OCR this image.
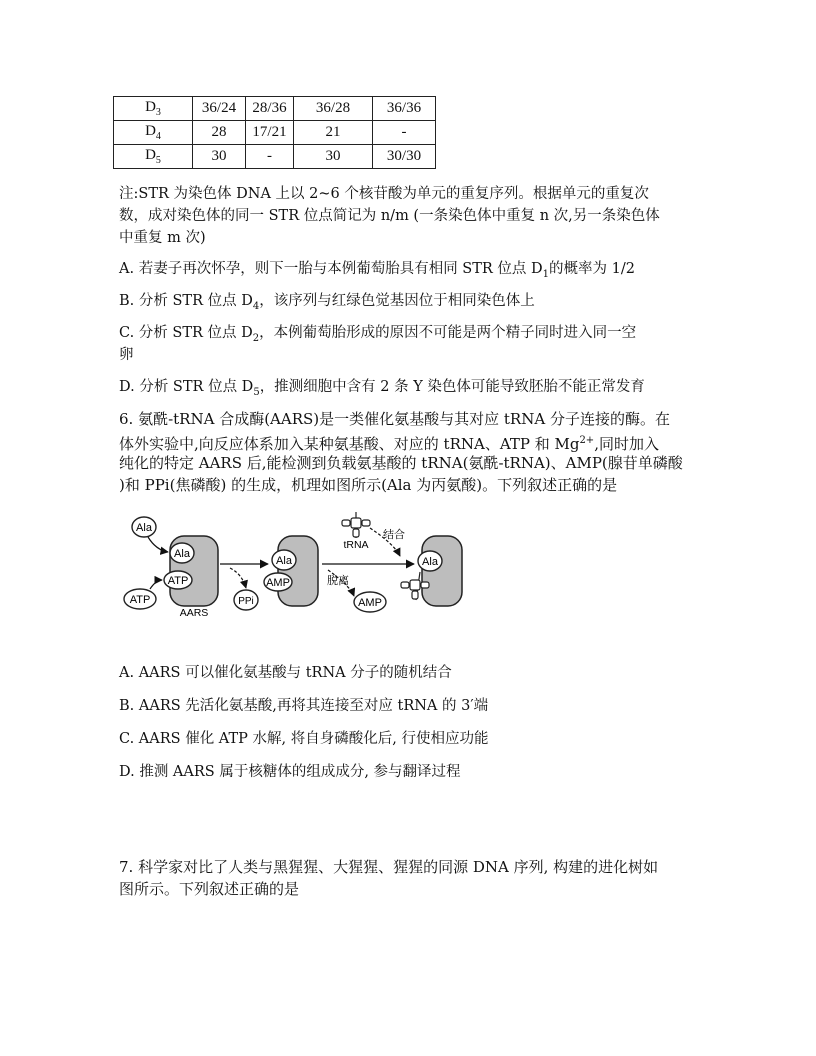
$D_3$	36/24	28/36	36/28	36/36
$D_4$	28	17/21	21	-
$D_5$	30	-	30	30/30
注:STR 为染色体 DNA 上以 2~6 个核苷酸为单元的重复序列。根据单元的重复次
数，成对染色体的同一 STR 位点简记为 n/m (一条染色体中重复 n 次,另一条染色体
中重复 m 次)
A. 若妻子再次怀孕，则下一胎与本例葡萄胎具有相同 STR 位点 $D_1$的概率为 1/2
B. 分析 STR 位点 $D_4$，该序列与红绿色觉基因位于相同染色体上
C. 分析 STR 位点 $D_2$，本例葡萄胎形成的原因不可能是两个精子同时进入同一空
卵
D. 分析 STR 位点 $D_5$，推测细胞中含有 2 条 Y 染色体可能导致胚胎不能正常发育
6. 氨酰-tRNA 合成酶(AARS)是一类催化氨基酸与其对应 tRNA 分子连接的酶。在
体外实验中,向反应体系加入某种氨基酸、对应的 tRNA、ATP 和 $Mg^{2+}$,同时加入
纯化的特定 AARS 后,能检测到负载氨基酸的 tRNA(氨酰-tRNA)、AMP(腺苷单磷酸
)和 PPi(焦磷酸) 的生成，机理如图所示(Ala 为丙氨酸)。下列叙述正确的是
Ala
Ala
ATP
ATP
AARS
PPi
Ala
AMP
tRNA
结合
脱离
AMP
Ala
A. AARS 可以催化氨基酸与 tRNA 分子的随机结合
B. AARS 先活化氨基酸,再将其连接至对应 tRNA 的 3′端
C. AARS 催化 ATP 水解, 将自身磷酸化后, 行使相应功能
D. 推测 AARS 属于核糖体的组成成分, 参与翻译过程
7. 科学家对比了人类与黑猩猩、大猩猩、猩猩的同源 DNA 序列, 构建的进化树如
图所示。下列叙述正确的是
